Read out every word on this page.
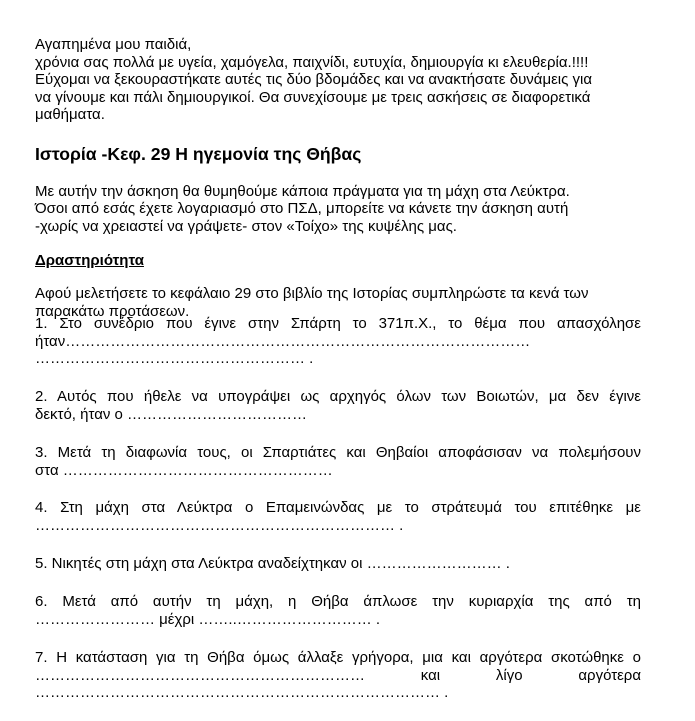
Αγαπημένα μου παιδιά,

χρόνια σας πολλά με υγεία, χαμόγελα, παιχνίδι, ευτυχία, δημιουργία κι ελευθερία.!!!!

Εύχομαι να ξεκουραστήκατε αυτές τις δύο βδομάδες και να ανακτήσατε δυνάμεις για

να γίνουμε και πάλι δημιουργικοί. Θα συνεχίσουμε με τρεις ασκήσεις σε διαφορετικά

μαθήματα.

Ιστορία -Κεφ. 29 Η ηγεμονία της Θήβας

Με αυτήν την άσκηση θα θυμηθούμε κάποια πράγματα για τη μάχη στα Λεύκτρα.

Όσοι από εσάς έχετε λογαριασμό στο ΠΣΔ, μπορείτε να κάνετε την άσκηση αυτή

-χωρίς να χρειαστεί να γράψετε- στον «Τοίχο» της κυψέλης μας.

Δραστηριότητα

Αφού μελετήσετε το κεφάλαιο 29 στο βιβλίο της Ιστορίας συμπληρώστε τα κενά των

παρακάτω προτάσεων.

1. Στο συνέδριο που έγινε στην Σπάρτη το 371π.Χ., το θέμα που απασχόλησε
ήταν…………………………………………………………………………………
……………………………………………… .
2. Αυτός που ήθελε να υπογράψει ως αρχηγός όλων των Βοιωτών, μα δεν έγινε
δεκτό, ήταν ο ………………………………
3. Μετά τη διαφωνία τους, οι Σπαρτιάτες και Θηβαίοι αποφάσισαν να πολεμήσουν
στα ………………………………………………
4. Στη μάχη στα Λεύκτρα ο Επαμεινώνδας με το στράτευμά του επιτέθηκε με
……………………………………………………………… .
5. Νικητές στη μάχη στα Λεύκτρα αναδείχτηκαν οι ……………………… .
6. Μετά από αυτήν τη μάχη, η Θήβα άπλωσε την κυριαρχία της από τη
…………………… μέχρι ……..……………………… .
7. Η κατάσταση για τη Θήβα όμως άλλαξε γρήγορα, μια και αργότερα σκοτώθηκε ο
…………………………………………………………	και	λίγο	αργότερα
……………………………………………………………………… .
